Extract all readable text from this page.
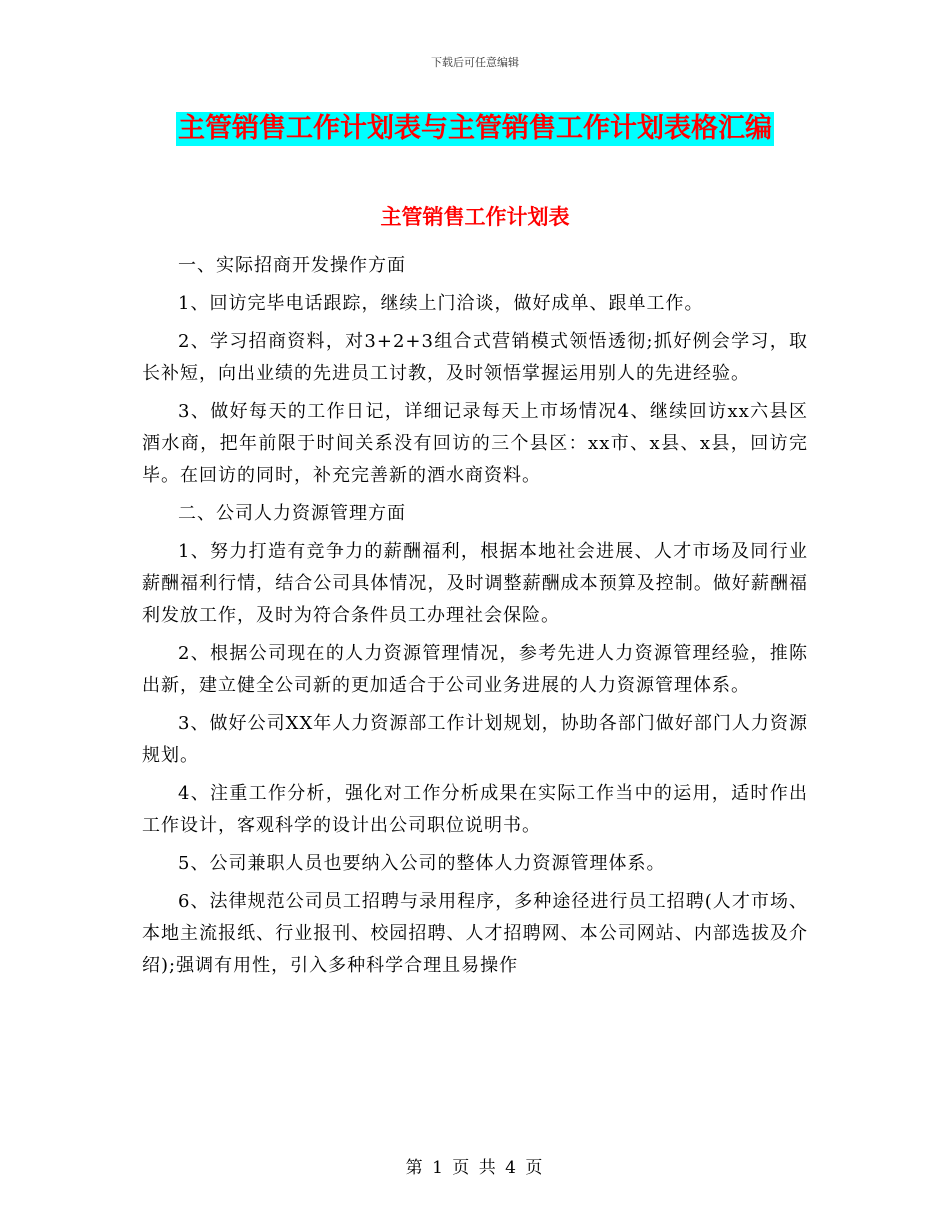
下载后可任意编辑
主管销售工作计划表与主管销售工作计划表格汇编
主管销售工作计划表

一、实际招商开发操作方面

1、回访完毕电话跟踪，继续上门洽谈，做好成单、跟单工作。

2、学习招商资料，对3+2+3组合式营销模式领悟透彻;抓好例会学习，取长补短，向出业绩的先进员工讨教，及时领悟掌握运用别人的先进经验。

3、做好每天的工作日记，详细记录每天上市场情况4、继续回访xx六县区酒水商，把年前限于时间关系没有回访的三个县区：xx市、x县、x县，回访完毕。在回访的同时，补充完善新的酒水商资料。

二、公司人力资源管理方面

1、努力打造有竞争力的薪酬福利，根据本地社会进展、人才市场及同行业薪酬福利行情，结合公司具体情况，及时调整薪酬成本预算及控制。做好薪酬福利发放工作，及时为符合条件员工办理社会保险。

2、根据公司现在的人力资源管理情况，参考先进人力资源管理经验，推陈出新，建立健全公司新的更加适合于公司业务进展的人力资源管理体系。

3、做好公司XX年人力资源部工作计划规划，协助各部门做好部门人力资源规划。

4、注重工作分析，强化对工作分析成果在实际工作当中的运用，适时作出工作设计，客观科学的设计出公司职位说明书。

5、公司兼职人员也要纳入公司的整体人力资源管理体系。

6、法律规范公司员工招聘与录用程序，多种途径进行员工招聘(人才市场、本地主流报纸、行业报刊、校园招聘、人才招聘网、本公司网站、内部选拔及介绍);强调有用性，引入多种科学合理且易操作

第 1 页 共 4 页
